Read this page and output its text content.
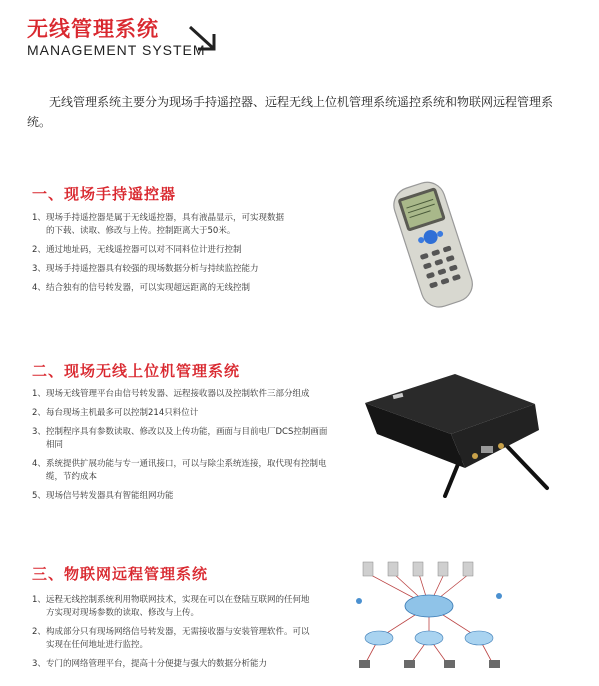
无线管理系统
MANAGEMENT SYSTEM
无线管理系统主要分为现场手持遥控器、远程无线上位机管理系统遥控系统和物联网远程管理系统。
一、现场手持遥控器
1、 现场手持遥控器是属于无线遥控器，具有液晶显示，可实现数据的下载、读取、修改与上传。控制距离大于50米。
2、 通过地址码，无线遥控器可以对不同料位计进行控制
3、 现场手持遥控器具有较强的现场数据分析与持续监控能力
4、 结合独有的信号转发器，可以实现超远距离的无线控制
二、现场无线上位机管理系统
1、 现场无线管理平台由信号转发器、远程接收器以及控制软件三部分组成
2、 每台现场主机最多可以控制214只料位计
3、 控制程序具有参数读取、修改以及上传功能，画面与目前电厂DCS控制画面相同
4、 系统提供扩展功能与专一通讯接口，可以与除尘系统连接，取代现有控制电缆，节约成本
5、 现场信号转发器具有智能组网功能
三、物联网远程管理系统
1、 远程无线控制系统利用物联网技术，实现在可以在登陆互联网的任何地方实现对现场参数的读取、修改与上传。
2、 构成部分只有现场网络信号转发器，无需接收器与安装管理软件。可以实现在任何地址进行监控。
3、 专门的网络管理平台，提高十分便捷与强大的数据分析能力
